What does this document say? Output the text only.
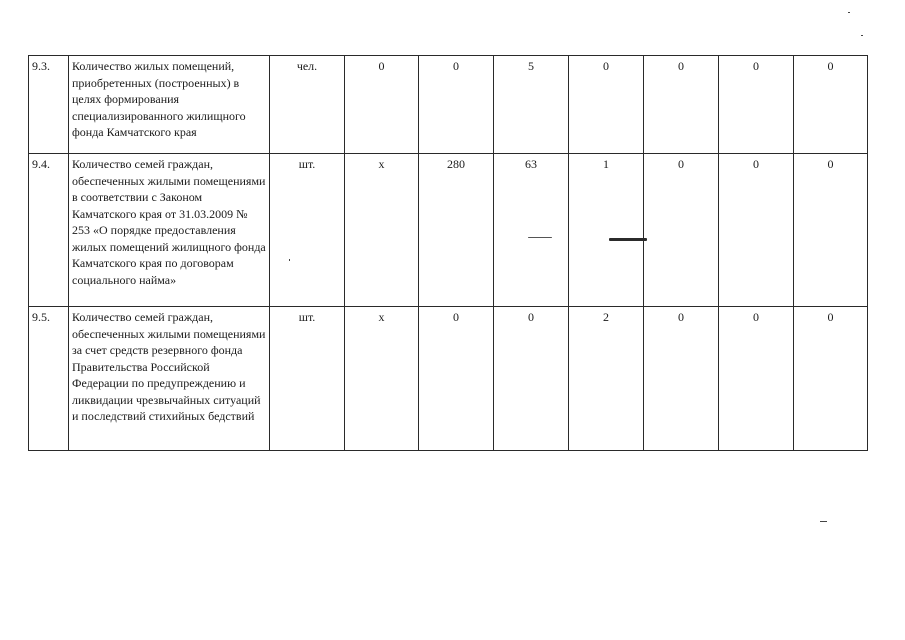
9.3.	Количество жилых помещений, приобретенных (построенных) в целях формирования специализированного жилищного фонда Камчатского края	чел.	0	0	5	0	0	0	0
9.4.	Количество семей граждан, обеспеченных жилыми помещениями в соответствии с Законом Камчатского края от 31.03.2009 № 253 «О порядке предоставления жилых помещений жилищного фонда Камчатского края по договорам социального найма»	шт.	х	280	63	1	0	0	0
9.5.	Количество семей граждан, обеспеченных жилыми помещениями за счет средств резервного фонда Правительства Российской Федерации по предупреждению и ликвидации чрезвычайных ситуаций и последствий стихийных бедствий	шт.	х	0	0	2	0	0	0
